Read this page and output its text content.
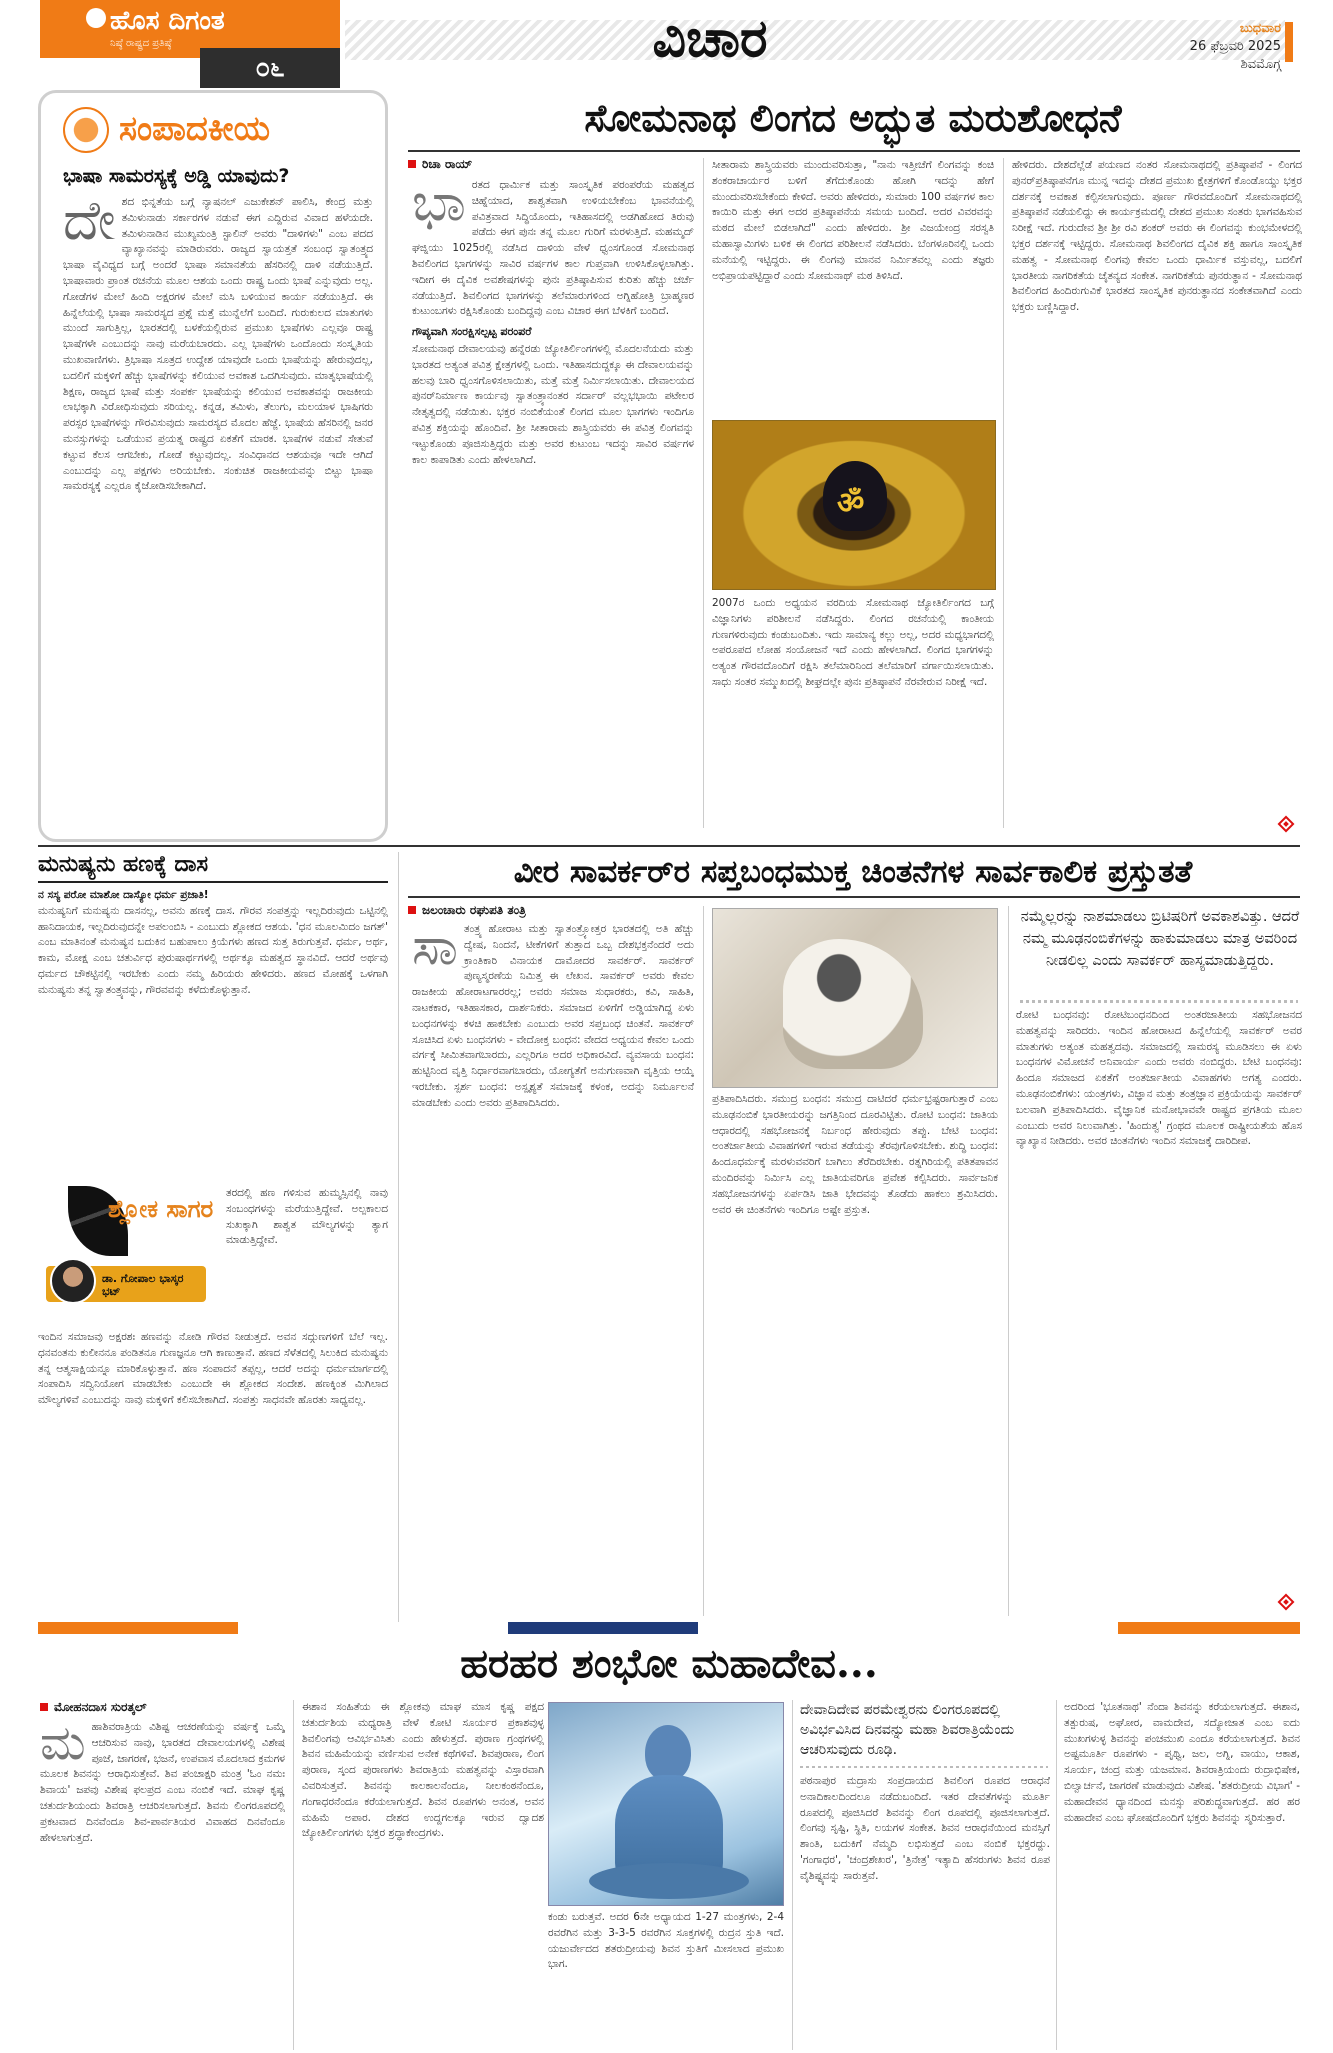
ಹೊಸ ದಿಗಂತ
ನಿಷ್ಠೆ ರಾಷ್ಟ್ರದ ಪ್ರತಿಷ್ಠೆ
೦೬	ವಿಚಾರ	ಬುಧವಾರ
26 ಫೆಬ್ರವರಿ 2025
ಶಿವಮೊಗ್ಗ
ಸಂಪಾದಕೀಯ
ಭಾಷಾ ಸಾಮರಸ್ಯಕ್ಕೆ ಅಡ್ಡಿ ಯಾವುದು?
ದೇ ಶದ ಭಿನ್ನತೆಯ ಬಗ್ಗೆ ನ್ಯಾಷನಲ್ ಎಜುಕೇಶನ್ ಪಾಲಿಸಿ, ಕೇಂದ್ರ ಮತ್ತು ತಮಿಳುನಾಡು ಸರ್ಕಾರಗಳ ನಡುವೆ ಈಗ ಎದ್ದಿರುವ ವಿವಾದ ಹಳೆಯದೇ. ತಮಿಳುನಾಡಿನ ಮುಖ್ಯಮಂತ್ರಿ ಸ್ಟಾಲಿನ್ ಅವರು "ದಾಳಿಗಳು" ಎಂಬ ಪದದ ವ್ಯಾಖ್ಯಾನವನ್ನು ಮಾಡಿರುವರು. ರಾಜ್ಯದ ಸ್ವಾಯತ್ತತೆ ಸಂಬಂಧ ಸ್ವಾತಂತ್ರ್ಯದ ಭಾಷಾ ವೈವಿಧ್ಯದ ಬಗ್ಗೆ ಅಂದರೆ ಭಾಷಾ ಸಮಾನತೆಯ ಹೆಸರಿನಲ್ಲಿ ದಾಳಿ ನಡೆಯುತ್ತಿದೆ. ಭಾಷಾವಾರು ಪ್ರಾಂತ ರಚನೆಯ ಮೂಲ ಆಶಯ ಒಂದು ರಾಷ್ಟ್ರ ಒಂದು ಭಾಷೆ ಎನ್ನುವುದು ಅಲ್ಲ. ಗೋಡೆಗಳ ಮೇಲೆ ಹಿಂದಿ ಅಕ್ಷರಗಳ ಮೇಲೆ ಮಸಿ ಬಳಿಯುವ ಕಾರ್ಯ ನಡೆಯುತ್ತಿದೆ. ಈ ಹಿನ್ನೆಲೆಯಲ್ಲಿ ಭಾಷಾ ಸಾಮರಸ್ಯದ ಪ್ರಶ್ನೆ ಮತ್ತೆ ಮುನ್ನೆಲೆಗೆ ಬಂದಿದೆ. ಗುರುಕುಲದ ಮಾತುಗಳು ಮುಂದೆ ಸಾಗುತ್ತಿಲ್ಲ, ಭಾರತದಲ್ಲಿ ಬಳಕೆಯಲ್ಲಿರುವ ಪ್ರಮುಖ ಭಾಷೆಗಳು ಎಲ್ಲವೂ ರಾಷ್ಟ್ರ ಭಾಷೆಗಳೇ ಎಂಬುದನ್ನು ನಾವು ಮರೆಯಬಾರದು. ಎಲ್ಲ ಭಾಷೆಗಳು ಒಂದೊಂದು ಸಂಸ್ಕೃತಿಯ ಮುಖವಾಣಿಗಳು. ತ್ರಿಭಾಷಾ ಸೂತ್ರದ ಉದ್ದೇಶ ಯಾವುದೇ ಒಂದು ಭಾಷೆಯನ್ನು ಹೇರುವುದಲ್ಲ, ಬದಲಿಗೆ ಮಕ್ಕಳಿಗೆ ಹೆಚ್ಚು ಭಾಷೆಗಳನ್ನು ಕಲಿಯುವ ಅವಕಾಶ ಒದಗಿಸುವುದು. ಮಾತೃಭಾಷೆಯಲ್ಲಿ ಶಿಕ್ಷಣ, ರಾಜ್ಯದ ಭಾಷೆ ಮತ್ತು ಸಂಪರ್ಕ ಭಾಷೆಯನ್ನು ಕಲಿಯುವ ಅವಕಾಶವನ್ನು ರಾಜಕೀಯ ಲಾಭಕ್ಕಾಗಿ ವಿರೋಧಿಸುವುದು ಸರಿಯಲ್ಲ. ಕನ್ನಡ, ತಮಿಳು, ತೆಲುಗು, ಮಲಯಾಳ ಭಾಷಿಗರು ಪರಸ್ಪರ ಭಾಷೆಗಳನ್ನು ಗೌರವಿಸುವುದು ಸಾಮರಸ್ಯದ ಮೊದಲ ಹೆಜ್ಜೆ. ಭಾಷೆಯ ಹೆಸರಿನಲ್ಲಿ ಜನರ ಮನಸ್ಸುಗಳನ್ನು ಒಡೆಯುವ ಪ್ರಯತ್ನ ರಾಷ್ಟ್ರದ ಏಕತೆಗೆ ಮಾರಕ. ಭಾಷೆಗಳ ನಡುವೆ ಸೇತುವೆ ಕಟ್ಟುವ ಕೆಲಸ ಆಗಬೇಕು, ಗೋಡೆ ಕಟ್ಟುವುದಲ್ಲ. ಸಂವಿಧಾನದ ಆಶಯವೂ ಇದೇ ಆಗಿದೆ ಎಂಬುದನ್ನು ಎಲ್ಲ ಪಕ್ಷಗಳು ಅರಿಯಬೇಕು. ಸಂಕುಚಿತ ರಾಜಕೀಯವನ್ನು ಬಿಟ್ಟು ಭಾಷಾ ಸಾಮರಸ್ಯಕ್ಕೆ ಎಲ್ಲರೂ ಕೈಜೋಡಿಸಬೇಕಾಗಿದೆ.
ಸೋಮನಾಥ ಲಿಂಗದ ಅದ್ಭುತ ಮರುಶೋಧನೆ
ರಿಚಾ ರಾಯ್
ಭಾ ರತದ ಧಾರ್ಮಿಕ ಮತ್ತು ಸಾಂಸ್ಕೃತಿಕ ಪರಂಪರೆಯ ಮಹತ್ವದ ಚಿಹ್ನೆಯಾದ, ಶಾಶ್ವತವಾಗಿ ಉಳಿಯಬೇಕೆಂಬ ಭಾವನೆಯಲ್ಲಿ ಪವಿತ್ರವಾದ ಸಿದ್ಧಿಯೊಂದು, ಇತಿಹಾಸದಲ್ಲಿ ಅಡಗಿಹೋದ ತಿರುವು ಪಡೆದು ಈಗ ಪುನಃ ತನ್ನ ಮೂಲ ಗುರಿಗೆ ಮರಳುತ್ತಿದೆ. ಮಹಮ್ಮದ್ ಘಜ್ನಿಯು 1025ರಲ್ಲಿ ನಡೆಸಿದ ದಾಳಿಯ ವೇಳೆ ಧ್ವಂಸಗೊಂಡ ಸೋಮನಾಥ ಶಿವಲಿಂಗದ ಭಾಗಗಳನ್ನು ಸಾವಿರ ವರ್ಷಗಳ ಕಾಲ ಗುಪ್ತವಾಗಿ ಉಳಿಸಿಕೊಳ್ಳಲಾಗಿತ್ತು. ಇದೀಗ ಈ ದೈವಿಕ ಅವಶೇಷಗಳನ್ನು ಪುನಃ ಪ್ರತಿಷ್ಠಾಪಿಸುವ ಕುರಿತು ಹೆಚ್ಚು ಚರ್ಚೆ ನಡೆಯುತ್ತಿದೆ. ಶಿವಲಿಂಗದ ಭಾಗಗಳನ್ನು ತಲೆಮಾರುಗಳಿಂದ ಅಗ್ನಿಹೋತ್ರಿ ಬ್ರಾಹ್ಮಣರ ಕುಟುಂಬಗಳು ರಕ್ಷಿಸಿಕೊಂಡು ಬಂದಿದ್ದವು ಎಂಬ ವಿಚಾರ ಈಗ ಬೆಳಕಿಗೆ ಬಂದಿದೆ.
ಗೌಪ್ಯವಾಗಿ ಸಂರಕ್ಷಿಸಲ್ಪಟ್ಟ ಪರಂಪರೆ
ಸೋಮನಾಥ ದೇವಾಲಯವು ಹನ್ನೆರಡು ಜ್ಯೋತಿರ್ಲಿಂಗಗಳಲ್ಲಿ ಮೊದಲನೆಯದು ಮತ್ತು ಭಾರತದ ಅತ್ಯಂತ ಪವಿತ್ರ ಕ್ಷೇತ್ರಗಳಲ್ಲಿ ಒಂದು. ಇತಿಹಾಸದುದ್ದಕ್ಕೂ ಈ ದೇವಾಲಯವನ್ನು ಹಲವು ಬಾರಿ ಧ್ವಂಸಗೊಳಿಸಲಾಯಿತು, ಮತ್ತೆ ಮತ್ತೆ ನಿರ್ಮಿಸಲಾಯಿತು. ದೇವಾಲಯದ ಪುನರ್‌ನಿರ್ಮಾಣ ಕಾರ್ಯವು ಸ್ವಾತಂತ್ರ್ಯಾನಂತರ ಸರ್ದಾರ್ ವಲ್ಲಭಭಾಯಿ ಪಟೇಲರ ನೇತೃತ್ವದಲ್ಲಿ ನಡೆಯಿತು. ಭಕ್ತರ ನಂಬಿಕೆಯಂತೆ ಲಿಂಗದ ಮೂಲ ಭಾಗಗಳು ಇಂದಿಗೂ ಪವಿತ್ರ ಶಕ್ತಿಯನ್ನು ಹೊಂದಿವೆ. ಶ್ರೀ ಸೀತಾರಾಮ ಶಾಸ್ತ್ರಿಯವರು ಈ ಪವಿತ್ರ ಲಿಂಗವನ್ನು ಇಟ್ಟುಕೊಂಡು ಪೂಜಿಸುತ್ತಿದ್ದರು ಮತ್ತು ಅವರ ಕುಟುಂಬ ಇದನ್ನು ಸಾವಿರ ವರ್ಷಗಳ ಕಾಲ ಕಾಪಾಡಿತು ಎಂದು ಹೇಳಲಾಗಿದೆ.
ಸೀತಾರಾಮ ಶಾಸ್ತ್ರಿಯವರು ಮುಂದುವರಿಸುತ್ತಾ, "ನಾನು ಇತ್ತೀಚೆಗೆ ಲಿಂಗವನ್ನು ಕಂಚಿ ಶಂಕರಾಚಾರ್ಯರ ಬಳಿಗೆ ತೆಗೆದುಕೊಂಡು ಹೋಗಿ ಇದನ್ನು ಹೇಗೆ ಮುಂದುವರಿಸಬೇಕೆಂದು ಕೇಳಿದೆ. ಅವರು ಹೇಳಿದರು, ಸುಮಾರು 100 ವರ್ಷಗಳ ಕಾಲ ಕಾಯಿರಿ ಮತ್ತು ಈಗ ಅದರ ಪ್ರತಿಷ್ಠಾಪನೆಯ ಸಮಯ ಬಂದಿದೆ. ಅದರ ವಿವರವನ್ನು ಮಠದ ಮೇಲೆ ಬಿಡಲಾಗಿದೆ" ಎಂದು ಹೇಳಿದರು. ಶ್ರೀ ವಿಜಯೇಂದ್ರ ಸರಸ್ವತಿ ಮಹಾಸ್ವಾಮಿಗಳು ಬಳಿಕ ಈ ಲಿಂಗದ ಪರಿಶೀಲನೆ ನಡೆಸಿದರು. ಬೆಂಗಳೂರಿನಲ್ಲಿ ಒಂದು ಮನೆಯಲ್ಲಿ ಇಟ್ಟಿದ್ದರು. ಈ ಲಿಂಗವು ಮಾನವ ನಿರ್ಮಿತವಲ್ಲ ಎಂದು ತಜ್ಞರು ಅಭಿಪ್ರಾಯಪಟ್ಟಿದ್ದಾರೆ ಎಂದು ಸೋಮನಾಥ್ ಮಠ ತಿಳಿಸಿದೆ.
ॐ
2007ರ ಒಂದು ಅಧ್ಯಯನ ವರದಿಯ ಸೋಮನಾಥ ಜ್ಯೋತಿರ್ಲಿಂಗದ ಬಗ್ಗೆ ವಿಜ್ಞಾನಿಗಳು ಪರಿಶೀಲನೆ ನಡೆಸಿದ್ದರು. ಲಿಂಗದ ರಚನೆಯಲ್ಲಿ ಕಾಂತೀಯ ಗುಣಗಳಿರುವುದು ಕಂಡುಬಂದಿತು. ಇದು ಸಾಮಾನ್ಯ ಕಲ್ಲು ಅಲ್ಲ, ಅದರ ಮಧ್ಯಭಾಗದಲ್ಲಿ ಅಪರೂಪದ ಲೋಹ ಸಂಯೋಜನೆ ಇದೆ ಎಂದು ಹೇಳಲಾಗಿದೆ. ಲಿಂಗದ ಭಾಗಗಳನ್ನು ಅತ್ಯಂತ ಗೌರವದೊಂದಿಗೆ ರಕ್ಷಿಸಿ ತಲೆಮಾರಿನಿಂದ ತಲೆಮಾರಿಗೆ ವರ್ಗಾಯಿಸಲಾಯಿತು. ಸಾಧು ಸಂತರ ಸಮ್ಮುಖದಲ್ಲಿ ಶೀಘ್ರದಲ್ಲೇ ಪುನಃ ಪ್ರತಿಷ್ಠಾಪನೆ ನೆರವೇರುವ ನಿರೀಕ್ಷೆ ಇದೆ.
ಹೇಳಿದರು. ದೇಶದೆಲ್ಲೆಡೆ ಪಯಣದ ನಂತರ ಸೋಮನಾಥದಲ್ಲಿ ಪ್ರತಿಷ್ಠಾಪನೆ - ಲಿಂಗದ ಪುನರ್‌ಪ್ರತಿಷ್ಠಾಪನೆಗೂ ಮುನ್ನ ಇದನ್ನು ದೇಶದ ಪ್ರಮುಖ ಕ್ಷೇತ್ರಗಳಿಗೆ ಕೊಂಡೊಯ್ದು ಭಕ್ತರ ದರ್ಶನಕ್ಕೆ ಅವಕಾಶ ಕಲ್ಪಿಸಲಾಗುವುದು. ಪೂರ್ಣ ಗೌರವದೊಂದಿಗೆ ಸೋಮನಾಥದಲ್ಲಿ ಪ್ರತಿಷ್ಠಾಪನೆ ನಡೆಯಲಿದ್ದು ಈ ಕಾರ್ಯಕ್ರಮದಲ್ಲಿ ದೇಶದ ಪ್ರಮುಖ ಸಂತರು ಭಾಗವಹಿಸುವ ನಿರೀಕ್ಷೆ ಇದೆ. ಗುರುದೇವ ಶ್ರೀ ಶ್ರೀ ರವಿ ಶಂಕರ್ ಅವರು ಈ ಲಿಂಗವನ್ನು ಕುಂಭಮೇಳದಲ್ಲಿ ಭಕ್ತರ ದರ್ಶನಕ್ಕೆ ಇಟ್ಟಿದ್ದರು. ಸೋಮನಾಥ ಶಿವಲಿಂಗದ ದೈವಿಕ ಶಕ್ತಿ ಹಾಗೂ ಸಾಂಸ್ಕೃತಿಕ ಮಹತ್ವ - ಸೋಮನಾಥ ಲಿಂಗವು ಕೇವಲ ಒಂದು ಧಾರ್ಮಿಕ ವಸ್ತುವಲ್ಲ, ಬದಲಿಗೆ ಭಾರತೀಯ ನಾಗರಿಕತೆಯ ಚೈತನ್ಯದ ಸಂಕೇತ. ನಾಗರಿಕತೆಯ ಪುನರುತ್ಥಾನ - ಸೋಮನಾಥ ಶಿವಲಿಂಗದ ಹಿಂದಿರುಗುವಿಕೆ ಭಾರತದ ಸಾಂಸ್ಕೃತಿಕ ಪುನರುತ್ಥಾನದ ಸಂಕೇತವಾಗಿದೆ ಎಂದು ಭಕ್ತರು ಬಣ್ಣಿಸಿದ್ದಾರೆ.
ಮನುಷ್ಯನು ಹಣಕ್ಕೆ ದಾಸ
ನ ಸಸ್ಯ ಪರೋ ಮಾಶೋ ದಾಸ್ಯೋ ಧರ್ಮ ಪ್ರಜಾತಿ!
ಮನುಷ್ಯನಿಗೆ ಮನುಷ್ಯನು ದಾಸನಲ್ಲ, ಅವನು ಹಣಕ್ಕೆ ದಾಸ. ಗೌರವ ಸಂಪತ್ತನ್ನು ಇಲ್ಲದಿರುವುದು ಒಟ್ಟಿನಲ್ಲಿ ಹಾನಿದಾಯಕ, ಇಲ್ಲದಿರುವುದನ್ನೇ ಅಪಲಂಬಿಸಿ - ಎಂಬುದು ಶ್ಲೋಕದ ಆಶಯ. 'ಧನ ಮೂಲಮಿದಂ ಜಗತ್' ಎಂಬ ಮಾತಿನಂತೆ ಮನುಷ್ಯನ ಬದುಕಿನ ಬಹುಪಾಲು ಕ್ರಿಯೆಗಳು ಹಣದ ಸುತ್ತ ತಿರುಗುತ್ತವೆ. ಧರ್ಮ, ಅರ್ಥ, ಕಾಮ, ಮೋಕ್ಷ ಎಂಬ ಚತುರ್ವಿಧ ಪುರುಷಾರ್ಥಗಳಲ್ಲಿ ಅರ್ಥಕ್ಕೂ ಮಹತ್ವದ ಸ್ಥಾನವಿದೆ. ಆದರೆ ಅರ್ಥವು ಧರ್ಮದ ಚೌಕಟ್ಟಿನಲ್ಲಿ ಇರಬೇಕು ಎಂದು ನಮ್ಮ ಹಿರಿಯರು ಹೇಳಿದರು. ಹಣದ ಮೋಹಕ್ಕೆ ಒಳಗಾಗಿ ಮನುಷ್ಯನು ತನ್ನ ಸ್ವಾತಂತ್ರ್ಯವನ್ನು, ಗೌರವವನ್ನು ಕಳೆದುಕೊಳ್ಳುತ್ತಾನೆ.
ಶ್ಲೋಕ ಸಾಗರ
ಡಾ. ಗೋಪಾಲ ಭಾಸ್ಕರ ಭಟ್
ತರದಲ್ಲಿ ಹಣ ಗಳಿಸುವ ಹುಮ್ಮಸ್ಸಿನಲ್ಲಿ ನಾವು ಸಂಬಂಧಗಳನ್ನು ಮರೆಯುತ್ತಿದ್ದೇವೆ. ಅಲ್ಪಕಾಲದ ಸುಖಕ್ಕಾಗಿ ಶಾಶ್ವತ ಮೌಲ್ಯಗಳನ್ನು ತ್ಯಾಗ ಮಾಡುತ್ತಿದ್ದೇವೆ.
ಇಂದಿನ ಸಮಾಜವು ಅಕ್ಷರಶಃ ಹಣವನ್ನು ನೋಡಿ ಗೌರವ ನೀಡುತ್ತದೆ. ಅವನ ಸದ್ಗುಣಗಳಿಗೆ ಬೆಲೆ ಇಲ್ಲ. ಧನವಂತನು ಕುಲೀನನೂ ಪಂಡಿತನೂ ಗುಣಜ್ಞನೂ ಆಗಿ ಕಾಣುತ್ತಾನೆ. ಹಣದ ಸೆಳೆತದಲ್ಲಿ ಸಿಲುಕಿದ ಮನುಷ್ಯನು ತನ್ನ ಆತ್ಮಸಾಕ್ಷಿಯನ್ನೂ ಮಾರಿಕೊಳ್ಳುತ್ತಾನೆ. ಹಣ ಸಂಪಾದನೆ ತಪ್ಪಲ್ಲ, ಆದರೆ ಅದನ್ನು ಧರ್ಮಮಾರ್ಗದಲ್ಲಿ ಸಂಪಾದಿಸಿ ಸದ್ವಿನಿಯೋಗ ಮಾಡಬೇಕು ಎಂಬುದೇ ಈ ಶ್ಲೋಕದ ಸಂದೇಶ. ಹಣಕ್ಕಿಂತ ಮಿಗಿಲಾದ ಮೌಲ್ಯಗಳಿವೆ ಎಂಬುದನ್ನು ನಾವು ಮಕ್ಕಳಿಗೆ ಕಲಿಸಬೇಕಾಗಿದೆ. ಸಂಪತ್ತು ಸಾಧನವೇ ಹೊರತು ಸಾಧ್ಯವಲ್ಲ.
ವೀರ ಸಾವರ್ಕರ್‌ರ ಸಪ್ತಬಂಧಮುಕ್ತ ಚಿಂತನೆಗಳ ಸಾರ್ವಕಾಲಿಕ ಪ್ರಸ್ತುತತೆ
ಜಲಂಚಾರು ರಘುಪತಿ ತಂತ್ರಿ
ಸಾ ತಂತ್ರ್ಯ ಹೋರಾಟ ಮತ್ತು ಸ್ವಾತಂತ್ರ್ಯೋತ್ತರ ಭಾರತದಲ್ಲಿ ಅತಿ ಹೆಚ್ಚು ದ್ವೇಷ, ನಿಂದನೆ, ಟೀಕೆಗಳಿಗೆ ತುತ್ತಾದ ಒಬ್ಬ ದೇಶಭಕ್ತನೆಂದರೆ ಅದು ಕ್ರಾಂತಿಕಾರಿ ವಿನಾಯಕ ದಾಮೋದರ ಸಾವರ್ಕರ್. ಸಾವರ್ಕರ್ ಪುಣ್ಯಸ್ಮರಣೆಯ ನಿಮಿತ್ತ ಈ ಲೇಖನ. ಸಾವರ್ಕರ್ ಅವರು ಕೇವಲ ರಾಜಕೀಯ ಹೋರಾಟಗಾರರಲ್ಲ; ಅವರು ಸಮಾಜ ಸುಧಾರಕರು, ಕವಿ, ಸಾಹಿತಿ, ನಾಟಕಕಾರ, ಇತಿಹಾಸಕಾರ, ದಾರ್ಶನಿಕರು. ಸಮಾಜದ ಏಳಿಗೆಗೆ ಅಡ್ಡಿಯಾಗಿದ್ದ ಏಳು ಬಂಧನಗಳನ್ನು ಕಳಚಿ ಹಾಕಬೇಕು ಎಂಬುದು ಅವರ ಸಪ್ತಬಂಧ ಚಿಂತನೆ. ಸಾವರ್ಕರ್ ಸೂಚಿಸಿದ ಏಳು ಬಂಧನಗಳು - ವೇದೋಕ್ತ ಬಂಧನ: ವೇದದ ಅಧ್ಯಯನ ಕೇವಲ ಒಂದು ವರ್ಗಕ್ಕೆ ಸೀಮಿತವಾಗಬಾರದು, ಎಲ್ಲರಿಗೂ ಅದರ ಅಧಿಕಾರವಿದೆ. ವ್ಯವಸಾಯ ಬಂಧನ: ಹುಟ್ಟಿನಿಂದ ವೃತ್ತಿ ನಿರ್ಧಾರವಾಗಬಾರದು, ಯೋಗ್ಯತೆಗೆ ಅನುಗುಣವಾಗಿ ವೃತ್ತಿಯ ಆಯ್ಕೆ ಇರಬೇಕು. ಸ್ಪರ್ಶ ಬಂಧನ: ಅಸ್ಪೃಶ್ಯತೆ ಸಮಾಜಕ್ಕೆ ಕಳಂಕ, ಅದನ್ನು ನಿರ್ಮೂಲನೆ ಮಾಡಬೇಕು ಎಂದು ಅವರು ಪ್ರತಿಪಾದಿಸಿದರು.	ಪ್ರತಿಪಾದಿಸಿದರು. ಸಮುದ್ರ ಬಂಧನ: ಸಮುದ್ರ ದಾಟಿದರೆ ಧರ್ಮಭ್ರಷ್ಟರಾಗುತ್ತಾರೆ ಎಂಬ ಮೂಢನಂಬಿಕೆ ಭಾರತೀಯರನ್ನು ಜಗತ್ತಿನಿಂದ ದೂರವಿಟ್ಟಿತು. ರೋಟಿ ಬಂಧನ: ಜಾತಿಯ ಆಧಾರದಲ್ಲಿ ಸಹಭೋಜನಕ್ಕೆ ನಿರ್ಬಂಧ ಹೇರುವುದು ತಪ್ಪು. ಬೇಟಿ ಬಂಧನ: ಅಂತರ್ಜಾತೀಯ ವಿವಾಹಗಳಿಗೆ ಇರುವ ತಡೆಯನ್ನು ತೆರವುಗೊಳಿಸಬೇಕು. ಶುದ್ಧಿ ಬಂಧನ: ಹಿಂದೂಧರ್ಮಕ್ಕೆ ಮರಳುವವರಿಗೆ ಬಾಗಿಲು ತೆರೆದಿರಬೇಕು. ರತ್ನಗಿರಿಯಲ್ಲಿ ಪತಿತಪಾವನ ಮಂದಿರವನ್ನು ನಿರ್ಮಿಸಿ ಎಲ್ಲ ಜಾತಿಯವರಿಗೂ ಪ್ರವೇಶ ಕಲ್ಪಿಸಿದರು. ಸಾರ್ವಜನಿಕ ಸಹಭೋಜನಗಳನ್ನು ಏರ್ಪಡಿಸಿ ಜಾತಿ ಭೇದವನ್ನು ತೊಡೆದು ಹಾಕಲು ಶ್ರಮಿಸಿದರು. ಅವರ ಈ ಚಿಂತನೆಗಳು ಇಂದಿಗೂ ಅಷ್ಟೇ ಪ್ರಸ್ತುತ.
ನಮ್ಮೆಲ್ಲರನ್ನು ನಾಶಮಾಡಲು ಬ್ರಿಟಿಷರಿಗೆ ಅವಕಾಶವಿತ್ತು. ಆದರೆ ನಮ್ಮ ಮೂಢನಂಬಿಕೆಗಳನ್ನು ಹಾಕುಮಾಡಲು ಮಾತ್ರ ಅವರಿಂದ ನೀಡಲಿಲ್ಲ ಎಂದು ಸಾವರ್ಕರ್ ಹಾಸ್ಯಮಾಡುತ್ತಿದ್ದರು.
ರೋಟಿ ಬಂಧನವು: ರೋಟಿಬಂಧನದಿಂದ ಅಂತರಜಾತೀಯ ಸಹಭೋಜನದ ಮಹತ್ವವನ್ನು ಸಾರಿದರು. ಇಂದಿನ ಹೋರಾಟದ ಹಿನ್ನೆಲೆಯಲ್ಲಿ ಸಾವರ್ಕರ್ ಅವರ ಮಾತುಗಳು ಅತ್ಯಂತ ಮಹತ್ವದವು. ಸಮಾಜದಲ್ಲಿ ಸಾಮರಸ್ಯ ಮೂಡಿಸಲು ಈ ಏಳು ಬಂಧನಗಳ ವಿಮೋಚನೆ ಅನಿವಾರ್ಯ ಎಂದು ಅವರು ನಂಬಿದ್ದರು. ಬೇಟಿ ಬಂಧನವು: ಹಿಂದೂ ಸಮಾಜದ ಏಕತೆಗೆ ಅಂತರ್ಜಾತೀಯ ವಿವಾಹಗಳು ಅಗತ್ಯ ಎಂದರು. ಮೂಢನಂಬಿಕೆಗಳು: ಯಂತ್ರಗಳು, ವಿಜ್ಞಾನ ಮತ್ತು ತಂತ್ರಜ್ಞಾನ ಪ್ರಕ್ರಿಯೆಯನ್ನು ಸಾವರ್ಕರ್ ಬಲವಾಗಿ ಪ್ರತಿಪಾದಿಸಿದರು. ವೈಜ್ಞಾನಿಕ ಮನೋಭಾವವೇ ರಾಷ್ಟ್ರದ ಪ್ರಗತಿಯ ಮೂಲ ಎಂಬುದು ಅವರ ನಿಲುವಾಗಿತ್ತು. 'ಹಿಂದುತ್ವ' ಗ್ರಂಥದ ಮೂಲಕ ರಾಷ್ಟ್ರೀಯತೆಯ ಹೊಸ ವ್ಯಾಖ್ಯಾನ ನೀಡಿದರು. ಅವರ ಚಿಂತನೆಗಳು ಇಂದಿನ ಸಮಾಜಕ್ಕೆ ದಾರಿದೀಪ.
ಹರಹರ ಶಂಭೋ ಮಹಾದೇವ...
ಮೋಹನದಾಸ ಸುರತ್ಕಲ್
ಮ ಹಾಶಿವರಾತ್ರಿಯ ವಿಶಿಷ್ಟ ಆಚರಣೆಯನ್ನು ವರ್ಷಕ್ಕೆ ಒಮ್ಮೆ ಆಚರಿಸುವ ನಾವು, ಭಾರತದ ದೇವಾಲಯಗಳಲ್ಲಿ ವಿಶೇಷ ಪೂಜೆ, ಜಾಗರಣೆ, ಭಜನೆ, ಉಪವಾಸ ಮೊದಲಾದ ಕ್ರಮಗಳ ಮೂಲಕ ಶಿವನನ್ನು ಆರಾಧಿಸುತ್ತೇವೆ. ಶಿವ ಪಂಚಾಕ್ಷರಿ ಮಂತ್ರ 'ಓಂ ನಮಃ ಶಿವಾಯ' ಜಪವು ವಿಶೇಷ ಫಲಪ್ರದ ಎಂಬ ನಂಬಿಕೆ ಇದೆ. ಮಾಘ ಕೃಷ್ಣ ಚತುರ್ದಶಿಯಂದು ಶಿವರಾತ್ರಿ ಆಚರಿಸಲಾಗುತ್ತದೆ. ಶಿವನು ಲಿಂಗರೂಪದಲ್ಲಿ ಪ್ರಕಟವಾದ ದಿನವೆಂದೂ ಶಿವ-ಪಾರ್ವತಿಯರ ವಿವಾಹದ ದಿನವೆಂದೂ ಹೇಳಲಾಗುತ್ತದೆ.
ಈಶಾನ ಸಂಹಿತೆಯ ಈ ಶ್ಲೋಕವು ಮಾಘ ಮಾಸ ಕೃಷ್ಣ ಪಕ್ಷದ ಚತುರ್ದಶಿಯ ಮಧ್ಯರಾತ್ರಿ ವೇಳೆ ಕೋಟಿ ಸೂರ್ಯರ ಪ್ರಕಾಶವುಳ್ಳ ಶಿವಲಿಂಗವು ಆವಿರ್ಭವಿಸಿತು ಎಂದು ಹೇಳುತ್ತದೆ. ಪುರಾಣ ಗ್ರಂಥಗಳಲ್ಲಿ ಶಿವನ ಮಹಿಮೆಯನ್ನು ವರ್ಣಿಸುವ ಅನೇಕ ಕಥೆಗಳಿವೆ. ಶಿವಪುರಾಣ, ಲಿಂಗ ಪುರಾಣ, ಸ್ಕಂದ ಪುರಾಣಗಳು ಶಿವರಾತ್ರಿಯ ಮಹತ್ವವನ್ನು ವಿಸ್ತಾರವಾಗಿ ವಿವರಿಸುತ್ತವೆ. ಶಿವನನ್ನು ಕಾಲಕಾಲನೆಂದೂ, ನೀಲಕಂಠನೆಂದೂ, ಗಂಗಾಧರನೆಂದೂ ಕರೆಯಲಾಗುತ್ತದೆ. ಶಿವನ ರೂಪಗಳು ಅನಂತ, ಅವನ ಮಹಿಮೆ ಅಪಾರ. ದೇಶದ ಉದ್ದಗಲಕ್ಕೂ ಇರುವ ದ್ವಾದಶ ಜ್ಯೋತಿರ್ಲಿಂಗಗಳು ಭಕ್ತರ ಶ್ರದ್ಧಾಕೇಂದ್ರಗಳು.
ಕಂಡು ಬರುತ್ತವೆ. ಅದರ 6ನೇ ಅಧ್ಯಾಯದ 1-27 ಮಂತ್ರಗಳು, 2-4 ರವರೆಗಿನ ಮತ್ತು 3-3-5 ರವರೆಗಿನ ಸೂಕ್ತಗಳಲ್ಲಿ ರುದ್ರನ ಸ್ತುತಿ ಇದೆ. ಯಜುರ್ವೇದದ ಶತರುದ್ರೀಯವು ಶಿವನ ಸ್ತುತಿಗೆ ಮೀಸಲಾದ ಪ್ರಮುಖ ಭಾಗ.
ದೇವಾದಿದೇವ ಪರಮೇಶ್ವರನು ಲಿಂಗರೂಪದಲ್ಲಿ ಅವಿರ್ಭವಿಸಿದ ದಿನವನ್ನು ಮಹಾ ಶಿವರಾತ್ರಿಯೆಂದು ಆಚರಿಸುವುದು ರೂಢಿ.
ಪಠನಾಪುರ ಮದ್ರಾಸು ಸಂಪ್ರದಾಯದ ಶಿವಲಿಂಗ ರೂಪದ ಆರಾಧನೆ ಅನಾದಿಕಾಲದಿಂದಲೂ ನಡೆದುಬಂದಿದೆ. ಇತರ ದೇವತೆಗಳನ್ನು ಮೂರ್ತಿ ರೂಪದಲ್ಲಿ ಪೂಜಿಸಿದರೆ ಶಿವನನ್ನು ಲಿಂಗ ರೂಪದಲ್ಲಿ ಪೂಜಿಸಲಾಗುತ್ತದೆ. ಲಿಂಗವು ಸೃಷ್ಟಿ, ಸ್ಥಿತಿ, ಲಯಗಳ ಸಂಕೇತ. ಶಿವನ ಆರಾಧನೆಯಿಂದ ಮನಸ್ಸಿಗೆ ಶಾಂತಿ, ಬದುಕಿಗೆ ನೆಮ್ಮದಿ ಲಭಿಸುತ್ತದೆ ಎಂಬ ನಂಬಿಕೆ ಭಕ್ತರದ್ದು. 'ಗಂಗಾಧರ', 'ಚಂದ್ರಶೇಖರ', 'ತ್ರಿನೇತ್ರ' ಇತ್ಯಾದಿ ಹೆಸರುಗಳು ಶಿವನ ರೂಪ ವೈಶಿಷ್ಟ್ಯವನ್ನು ಸಾರುತ್ತವೆ.
ಅದರಿಂದ 'ಭೂತನಾಥ' ನೆಂದಾ ಶಿವನನ್ನು ಕರೆಯಲಾಗುತ್ತದೆ. ಈಶಾನ, ತತ್ಪುರುಷ, ಅಘೋರ, ವಾಮದೇವ, ಸದ್ಯೋಜಾತ ಎಂಬ ಐದು ಮುಖಗಳುಳ್ಳ ಶಿವನನ್ನು ಪಂಚಮುಖಿ ಎಂದೂ ಕರೆಯಲಾಗುತ್ತದೆ. ಶಿವನ ಅಷ್ಟಮೂರ್ತಿ ರೂಪಗಳು - ಪೃಥ್ವಿ, ಜಲ, ಅಗ್ನಿ, ವಾಯು, ಆಕಾಶ, ಸೂರ್ಯ, ಚಂದ್ರ ಮತ್ತು ಯಜಮಾನ. ಶಿವರಾತ್ರಿಯಂದು ರುದ್ರಾಭಿಷೇಕ, ಬಿಲ್ವಾರ್ಚನೆ, ಜಾಗರಣೆ ಮಾಡುವುದು ವಿಶೇಷ. 'ಶತರುದ್ರೀಯ ವಿಭಾಗ' - ಮಹಾದೇವನ ಧ್ಯಾನದಿಂದ ಮನಸ್ಸು ಪರಿಶುದ್ಧವಾಗುತ್ತದೆ. ಹರ ಹರ ಮಹಾದೇವ ಎಂಬ ಘೋಷದೊಂದಿಗೆ ಭಕ್ತರು ಶಿವನನ್ನು ಸ್ಮರಿಸುತ್ತಾರೆ.
